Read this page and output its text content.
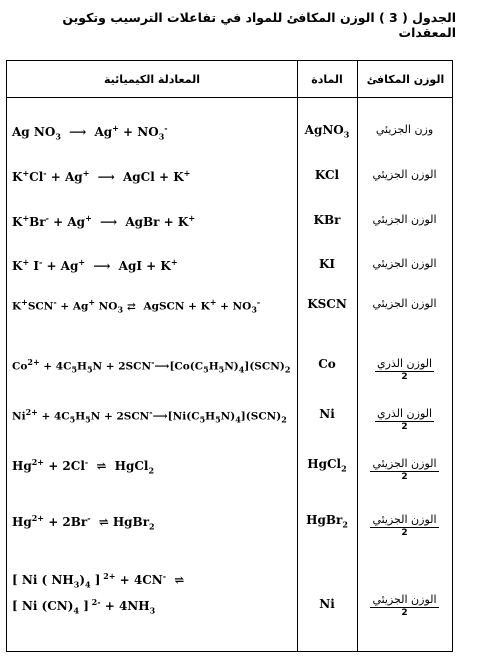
الجدول ( 3 ) الوزن المكافئ للمواد في تفاعلات الترسيب وتكوين المعقدات
المعادلة الكيميائية	المادة	الوزن المكافئ
Ag $NO_3$ ⟶ $Ag^+ + NO_3^-$	AgNO$_3$	وزن الجزيئي
K+Cl- + Ag+ ⟶ AgCl + K+	KCl	الوزن الجزيئي
K+Br- + Ag+ ⟶ AgBr + K+	KBr	الوزن الجزيئي
K+ I- + Ag+ ⟶ AgI + K+	KI	الوزن الجزيئي
K+SCN- + Ag+ $NO_3$ ⇄ AgSCN + $K^+ + NO_3^-$	KSCN	الوزن الجزيئي
$Co^{2+} + 4C_5H_5N$ + $2SCN^-⟶[Co(C_5H_5N)_4](SCN)_2$	Co	$\frac{\text{الوزن الذري}}{2}$
$Ni^{2+} + 4C_5H_5N$ + $2SCN^-⟶[Ni(C_5H_5N)_4](SCN)_2$	Ni	$\frac{\text{الوزن الذري}}{2}$
$Hg^{2+} + 2Cl^-$ ⇌ HgCl$_2$	HgCl$_2$	$\frac{\text{الوزن الجزيئي}}{2}$
$Hg^{2+} + 2Br^-$ ⇌ HgBr$_2$	HgBr$_2$	$\frac{\text{الوزن الجزيئي}}{2}$
[ Ni ( $NH_3)_4$ ] $^{2+}$ + 4CN- ⇌
[ Ni $(CN)_4$ ] $^{2-} + 4NH_3$	Ni	$\frac{\text{الوزن الجزيئي}}{2}$
